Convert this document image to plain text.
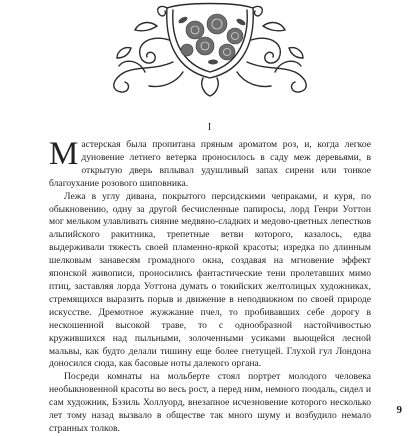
I

Мастерская была пропитана пряным ароматом роз, и, когда легкое дуновение летнего ветерка проносилось в саду меж деревьями, в открытую дверь вплывал удушливый запах сирени или тонкое благоухание розового шиповника.

Лежа в углу дивана, покрытого персидскими чепраками, и куря, по обыкновению, одну за другой бесчисленные папиросы, лорд Генри Уоттон мог мельком улавливать сияние медвяно-сладких и медово-цветных лепестков альпийского ракитника, трепетные ветви которого, казалось, едва выдерживали тяжесть своей пламенно-яркой красоты; изредка по длинным шелковым занавесям громадного окна, создавая на мгновение эффект японской живописи, проносились фантастические тени пролетавших мимо птиц, заставляя лорда Уоттона думать о токийских желтолицых художниках, стремящихся выразить порыв и движение в неподвижном по своей природе искусстве. Дремотное жужжание пчел, то пробивавших себе дорогу в нескошенной высокой траве, то с однообразной настойчивостью кружившихся над пыльными, золоченными усиками вьющейся лесной мальвы, как будто делали тишину еще более гнетущей. Глухой гул Лондона доносился сюда, как басовые ноты далекого органа.

Посреди комнаты на мольберте стоял портрет молодого человека необыкновенной красоты во весь рост, а перед ним, немного поодаль, сидел и сам художник, Бэзиль Холлуорд, внезапное исчезновение которого несколько лет тому назад вызвало в обществе так много шуму и возбудило немало странных толков.

9
